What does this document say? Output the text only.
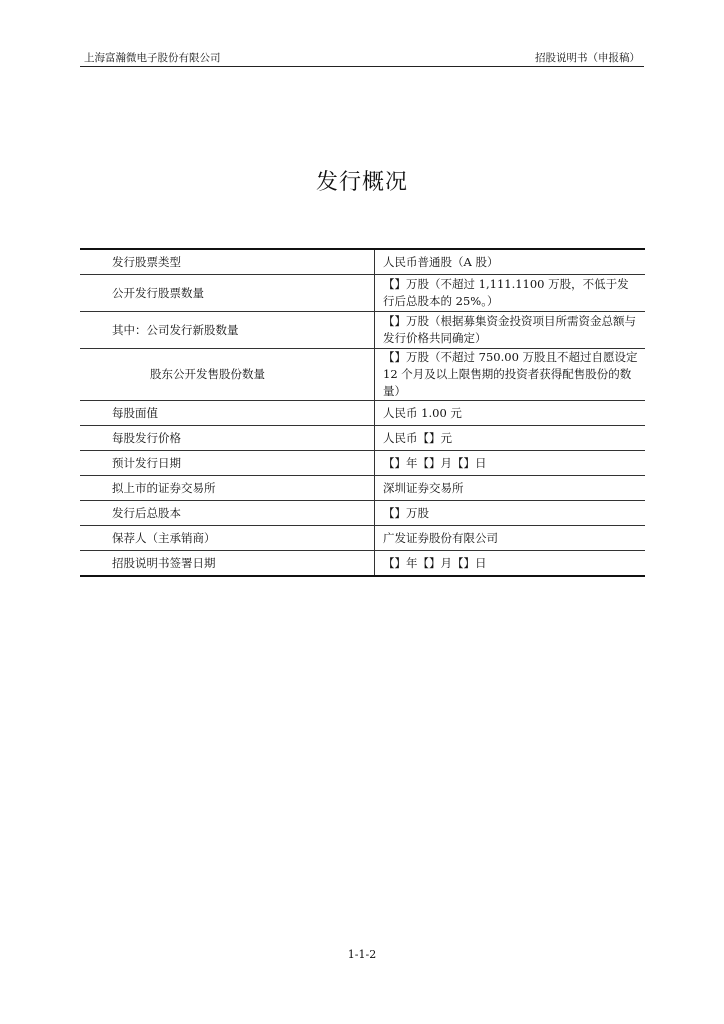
上海富瀚微电子股份有限公司	招股说明书（申报稿）
发行概况
发行股票类型	人民币普通股（A 股）
公开发行股票数量	【】万股（不超过 1,111.1100 万股，不低于发行后总股本的 25%。）
其中：公司发行新股数量	【】万股（根据募集资金投资项目所需资金总额与发行价格共同确定）
股东公开发售股份数量	【】万股（不超过 750.00 万股且不超过自愿设定 12 个月及以上限售期的投资者获得配售股份的数量）
每股面值	人民币 1.00 元
每股发行价格	人民币【】元
预计发行日期	【】年【】月【】日
拟上市的证券交易所	深圳证券交易所
发行后总股本	【】万股
保荐人（主承销商）	广发证券股份有限公司
招股说明书签署日期	【】年【】月【】日
1-1-2
